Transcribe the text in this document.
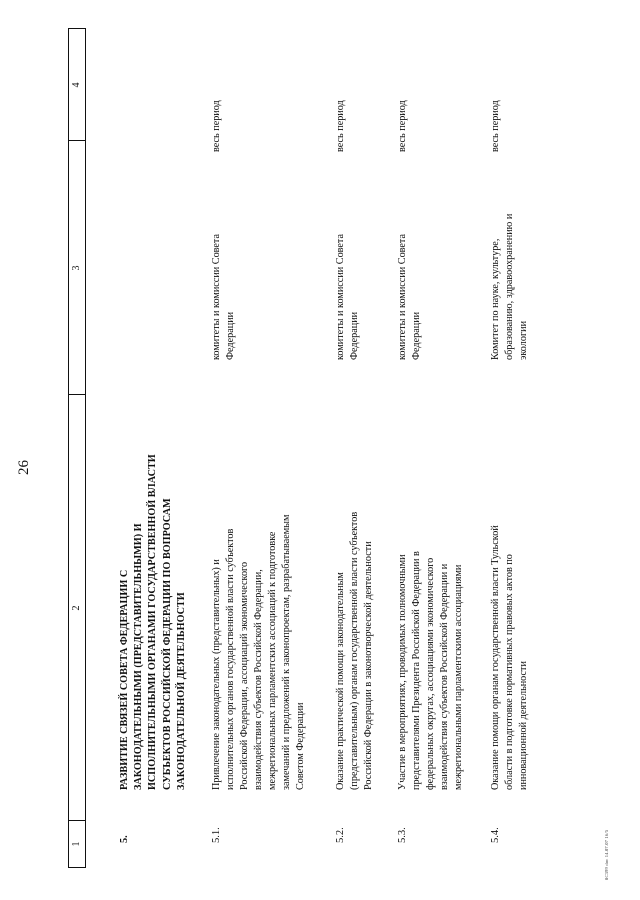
26
1
2
3
4
5.
РАЗВИТИЕ СВЯЗЕЙ СОВЕТА ФЕДЕРАЦИИ С ЗАКОНОДАТЕЛЬНЫМИ (ПРЕДСТАВИТЕЛЬНЫМИ) И ИСПОЛНИТЕЛЬНЫМИ ОРГАНАМИ ГОСУДАРСТВЕННОЙ ВЛАСТИ СУБЪЕКТОВ РОССИЙСКОЙ ФЕДЕРАЦИИ ПО ВОПРОСАМ ЗАКОНОДАТЕЛЬНОЙ ДЕЯТЕЛЬНОСТИ
5.1.
Привлечение законодательных (представительных) и исполнительных органов государственной власти субъектов Российской Федерации, ассоциаций экономического взаимодействия субъектов Российской Федерации, межрегиональных парламентских ассоциаций к подготовке замечаний и предложений к законопроектам, разрабатываемым Советом Федерации
комитеты и комиссии Совета Федерации
весь период
5.2.
Оказание практической помощи законодательным (представительным) органам государственной власти субъектов Российской Федерации в законотворческой деятельности
комитеты и комиссии Совета Федерации
весь период
5.3.
Участие в мероприятиях, проводимых полномочными представителями Президента Российской Федерации в федеральных округах, ассоциациями экономического взаимодействия субъектов Российской Федерации и межрегиональными парламентскими ассоциациями
комитеты и комиссии Совета Федерации
весь период
5.4.
Оказание помощи органам государственной власти Тульской области в подготовке нормативных правовых актов по инновационной деятельности
Комитет по науке, культуре, образованию, здравоохранению и экологии
весь период
8С399 doc 14.07.07 16/5
